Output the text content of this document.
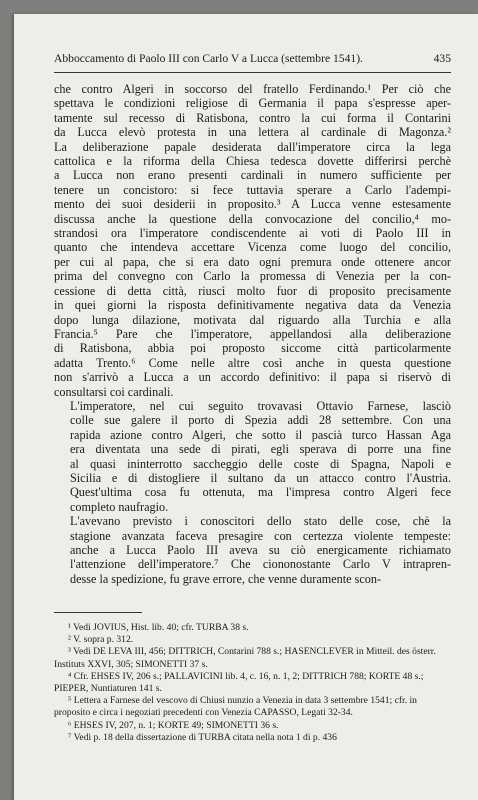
Abboccamento di Paolo III con Carlo V a Lucca (settembre 1541).	435

che contro Algeri in soccorso del fratello Ferdinando.¹ Per ciò che
spettava le condizioni religiose di Germania il papa s'espresse aper-
tamente sul recesso di Ratisbona, contro la cui forma il Contarini
da Lucca elevò protesta in una lettera al cardinale di Magonza.²
La deliberazione papale desiderata dall'imperatore circa la lega
cattolica e la riforma della Chiesa tedesca dovette differirsi perchè
a Lucca non erano presenti cardinali in numero sufficiente per
tenere un concistoro: si fece tuttavia sperare a Carlo l'adempi-
mento dei suoi desiderii in proposito.³ A Lucca venne estesamente
discussa anche la questione della convocazione del concilio,⁴ mo-
strandosi ora l'imperatore condiscendente ai voti di Paolo III in
quanto che intendeva accettare Vicenza come luogo del concilio,
per cui al papa, che si era dato ogni premura onde ottenere ancor
prima del convegno con Carlo la promessa di Venezia per la con-
cessione di detta città, riuscì molto fuor di proposito precisamente
in quei giorni la risposta definitivamente negativa data da Venezia
dopo lunga dilazione, motivata dal riguardo alla Turchia e alla
Francia.⁵ Pare che l'imperatore, appellandosi alla deliberazione
di Ratisbona, abbia poi proposto siccome città particolarmente
adatta Trento.⁶ Come nelle altre così anche in questa questione
non s'arrivò a Lucca a un accordo definitivo: il papa si riservò di
consultarsi coi cardinali.

L'imperatore, nel cui seguito trovavasi Ottavio Farnese, lasciò
colle sue galere il porto di Spezia addì 28 settembre. Con una
rapida azione contro Algeri, che sotto il pascià turco Hassan Aga
era diventata una sede di pirati, egli sperava di porre una fine
al quasi ininterrotto saccheggio delle coste di Spagna, Napoli e
Sicilia e di distogliere il sultano da un attacco contro l'Austria.
Quest'ultima cosa fu ottenuta, ma l'impresa contro Algeri fece
completo naufragio.

L'avevano previsto i conoscitori dello stato delle cose, chè la
stagione avanzata faceva presagire con certezza violente tempeste:
anche a Lucca Paolo III aveva su ciò energicamente richiamato
l'attenzione dell'imperatore.⁷ Che ciononostante Carlo V intrapren-
desse la spedizione, fu grave errore, che venne duramente scon-

¹ Vedi JOVIUS, Hist. lib. 40; cfr. TURBA 38 s.

² V. sopra p. 312.

³ Vedi DE LEVA III, 456; DITTRICH, Contarini 788 s.; HASENCLEVER in Mitteil. des österr. Instituts XXVI, 305; SIMONETTI 37 s.

⁴ Cfr. EHSES IV, 206 s.; PALLAVICINI lib. 4, c. 16, n. 1, 2; DITTRICH 788; KORTE 48 s.; PIEPER, Nuntiaturen 141 s.

⁵ Lettera a Farnese del vescovo di Chiusi nunzio a Venezia in data 3 settembre 1541; cfr. in proposito e circa i negoziati precedenti con Venezia CAPASSO, Legati 32-34.

⁶ EHSES IV, 207, n. 1; KORTE 49; SIMONETTI 36 s.

⁷ Vedi p. 18 della dissertazione di TURBA citata nella nota 1 di p. 436
